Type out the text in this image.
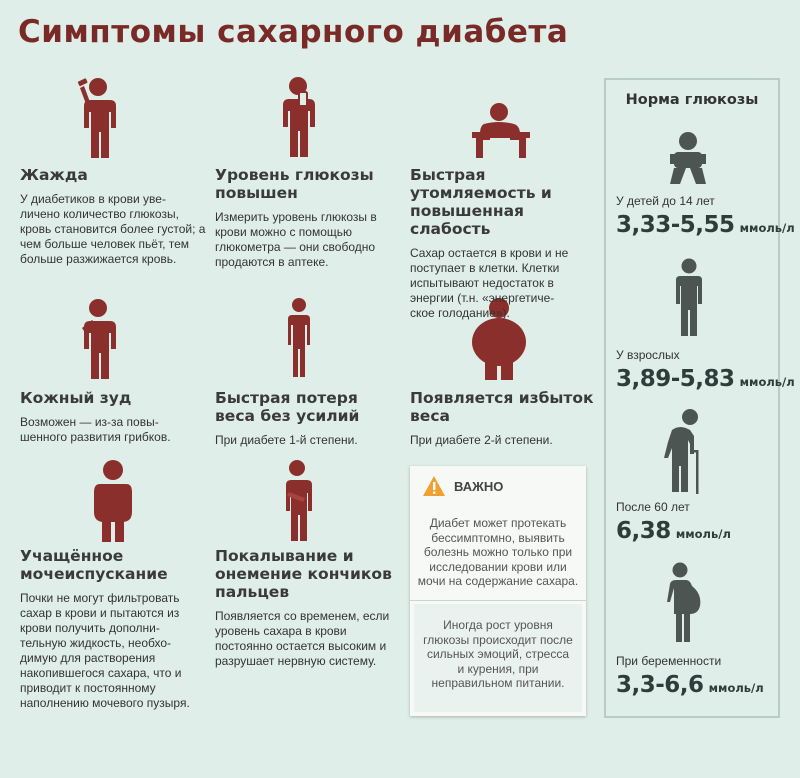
Симптомы сахарного диабета
Жажда

У диабетиков в крови уве-
личено количество глюкозы, кровь становится более густой; а чем больше человек пьёт, тем больше разжижается кровь.

Уровень глюкозы повышен

Измерить уровень глюкозы в крови можно с помощью глюкометра — они свободно продаются в аптеке.

Быстрая утомляемость и повышенная слабость

Сахар остается в крови и не поступает в клетки. Клетки испытывают недостаток в энергии (т.н. «энергетиче-
ское голодание»).

Кожный зуд

Возможен — из-за повы-
шенного развития грибков.

Быстрая потеря веса без усилий

При диабете 1-й степени.

Появляется избыток веса

При диабете 2-й степени.

Учащённое мочеиспускание

Почки не могут фильтровать сахар в крови и пытаются из крови получить дополни-
тельную жидкость, необхо-
димую для растворения накопившегося сахара, что и приводит к постоянному наполнению мочевого пузыря.

Покалывание и онемение кончиков пальцев

Появляется со временем, если уровень сахара в крови постоянно остается высоким и разрушает нервную систему.

ВАЖНО
Диабет может протекать бессимптомно, выявить болезнь можно только при исследовании крови или мочи на содержание сахара.
Иногда рост уровня глюкозы происходит после сильных эмоций, стресса и курения, при неправильном питании.
Норма глюкозы
У детей до 14 лет
3,33-5,55 ммоль/л
У взрослых
3,89-5,83 ммоль/л
После 60 лет
6,38 ммоль/л
При беременности
3,3-6,6 ммоль/л
